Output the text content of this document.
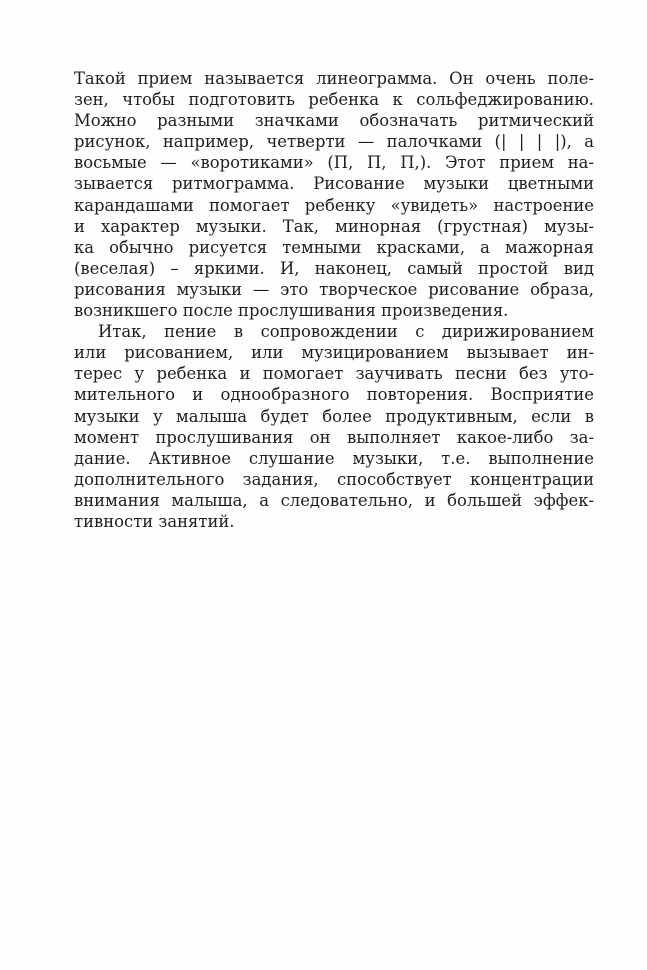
Такой прием называется линеограмма. Он очень поле-
зен, чтобы подготовить ребенка к сольфеджированию.
Можно разными значками обозначать ритмический
рисунок, например, четверти — палочками (| | | |), а
восьмые — «воротиками» (П, П, П,). Этот прием на-
зывается ритмограмма. Рисование музыки цветными
карандашами помогает ребенку «увидеть» настроение
и характер музыки. Так, минорная (грустная) музы-
ка обычно рисуется темными красками, а мажорная
(веселая) – яркими. И, наконец, самый простой вид
рисования музыки — это творческое рисование образа,
возникшего после прослушивания произведения.
Итак, пение в сопровождении с дирижированием
или рисованием, или музицированием вызывает ин-
терес у ребенка и помогает заучивать песни без уто-
мительного и однообразного повторения. Восприятие
музыки у малыша будет более продуктивным, если в
момент прослушивания он выполняет какое-либо за-
дание. Активное слушание музыки, т.е. выполнение
дополнительного задания, способствует концентрации
внимания малыша, а следовательно, и большей эффек-
тивности занятий.
